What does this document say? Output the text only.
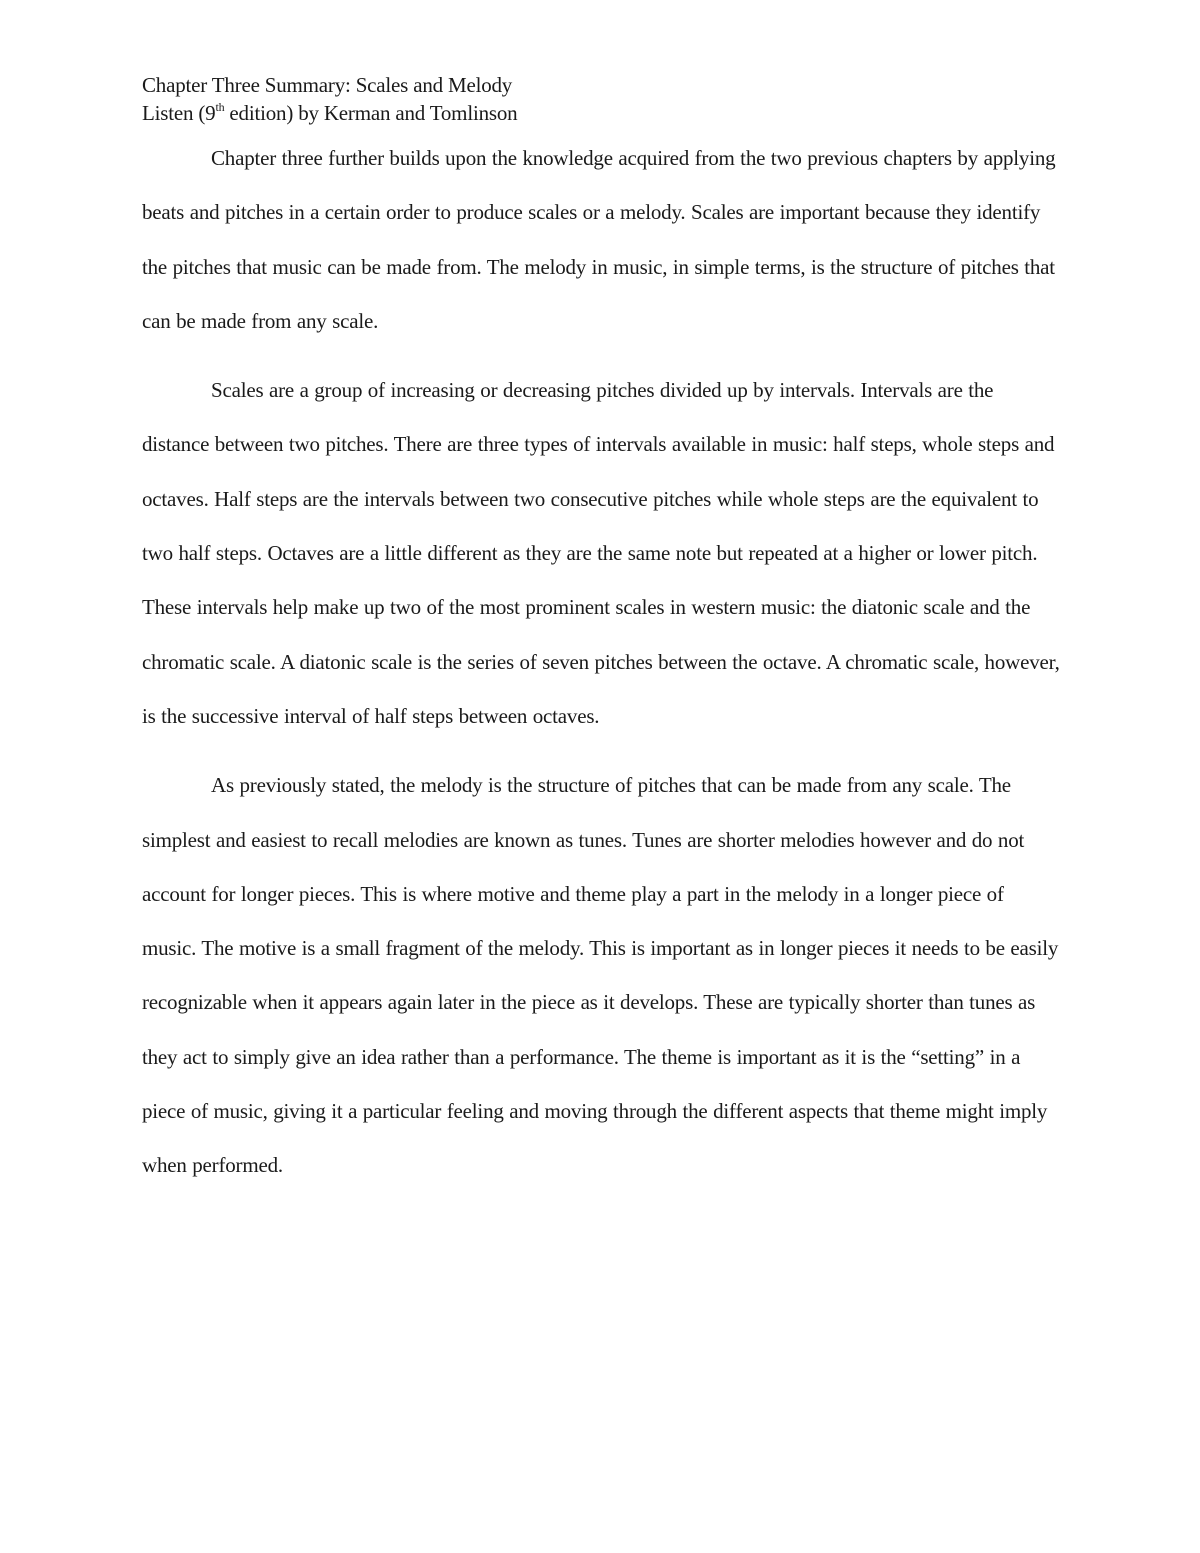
Chapter Three Summary: Scales and Melody
Listen (9th edition) by Kerman and Tomlinson

Chapter three further builds upon the knowledge acquired from the two previous chapters by applying beats and pitches in a certain order to produce scales or a melody. Scales are important because they identify the pitches that music can be made from. The melody in music, in simple terms, is the structure of pitches that can be made from any scale.

Scales are a group of increasing or decreasing pitches divided up by intervals. Intervals are the distance between two pitches. There are three types of intervals available in music: half steps, whole steps and octaves. Half steps are the intervals between two consecutive pitches while whole steps are the equivalent to two half steps. Octaves are a little different as they are the same note but repeated at a higher or lower pitch. These intervals help make up two of the most prominent scales in western music: the diatonic scale and the chromatic scale. A diatonic scale is the series of seven pitches between the octave. A chromatic scale, however, is the successive interval of half steps between octaves.

As previously stated, the melody is the structure of pitches that can be made from any scale. The simplest and easiest to recall melodies are known as tunes. Tunes are shorter melodies however and do not account for longer pieces. This is where motive and theme play a part in the melody in a longer piece of music. The motive is a small fragment of the melody. This is important as in longer pieces it needs to be easily recognizable when it appears again later in the piece as it develops. These are typically shorter than tunes as they act to simply give an idea rather than a performance. The theme is important as it is the “setting” in a piece of music, giving it a particular feeling and moving through the different aspects that theme might imply when performed.
